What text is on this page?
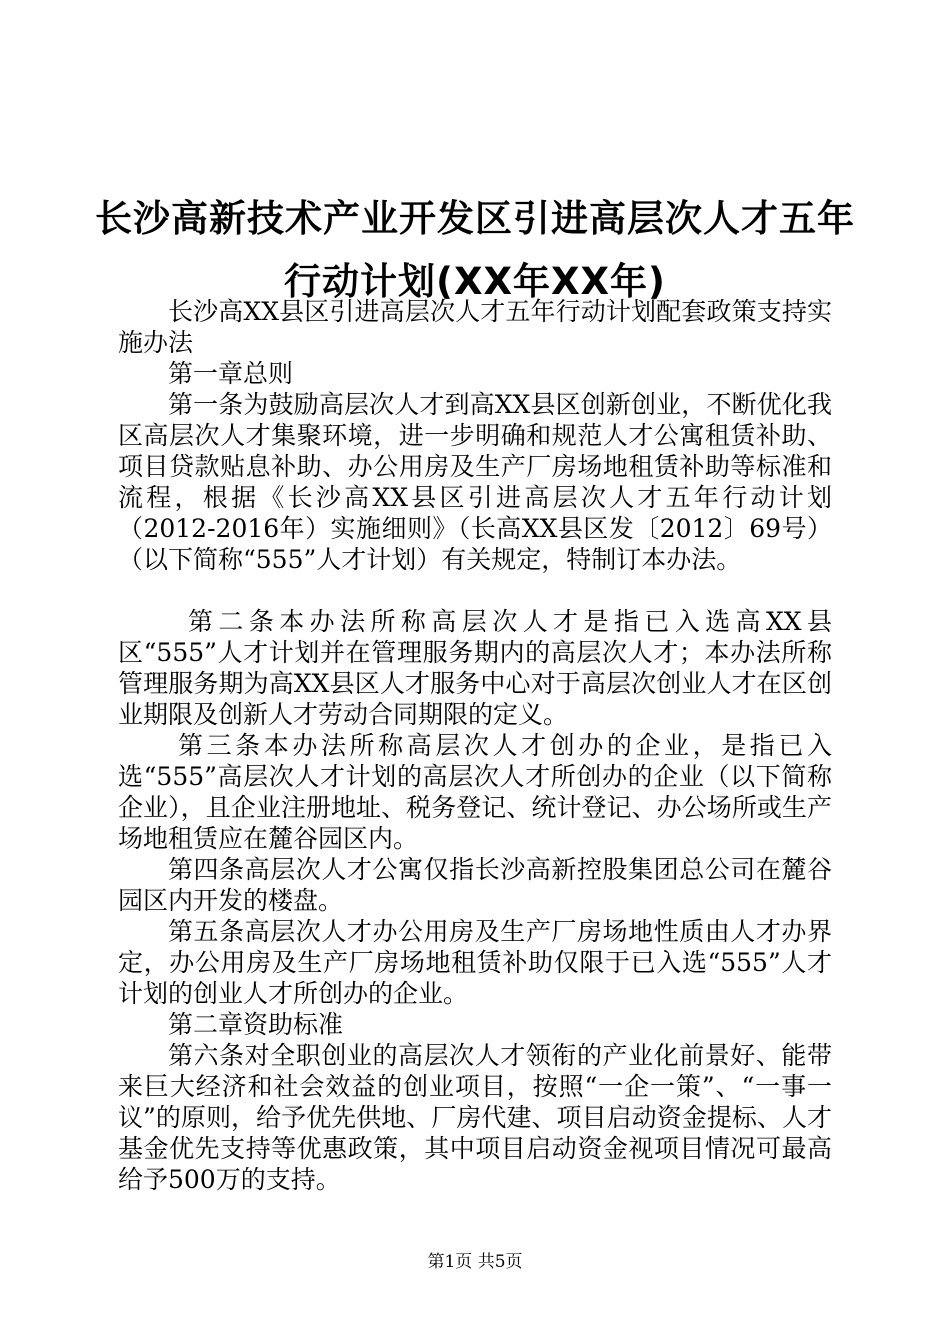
长沙高新技术产业开发区引进高层次人才五年
行动计划(XX年XX年)

长沙高XX县区引进高层次人才五年行动计划配套政策支持实施办法

第一章总则

第一条为鼓励高层次人才到高XX县区创新创业，不断优化我区高层次人才集聚环境，进一步明确和规范人才公寓租赁补助、项目贷款贴息补助、办公用房及生产厂房场地租赁补助等标准和流程，根据《长沙高XX县区引进高层次人才五年行动计划（2012-2016年）实施细则》（长高XX县区发〔2012〕69号）（以下简称“555”人才计划）有关规定，特制订本办法。

第二条本办法所称高层次人才是指已入选高XX县区“555”人才计划并在管理服务期内的高层次人才；本办法所称管理服务期为高XX县区人才服务中心对于高层次创业人才在区创业期限及创新人才劳动合同期限的定义。

第三条本办法所称高层次人才创办的企业，是指已入选“555”高层次人才计划的高层次人才所创办的企业（以下简称企业），且企业注册地址、税务登记、统计登记、办公场所或生产场地租赁应在麓谷园区内。

第四条高层次人才公寓仅指长沙高新控股集团总公司在麓谷园区内开发的楼盘。

第五条高层次人才办公用房及生产厂房场地性质由人才办界定，办公用房及生产厂房场地租赁补助仅限于已入选“555”人才计划的创业人才所创办的企业。

第二章资助标准

第六条对全职创业的高层次人才领衔的产业化前景好、能带来巨大经济和社会效益的创业项目，按照“一企一策”、“一事一议”的原则，给予优先供地、厂房代建、项目启动资金提标、人才基金优先支持等优惠政策，其中项目启动资金视项目情况可最高给予500万的支持。

第1页 共5页
